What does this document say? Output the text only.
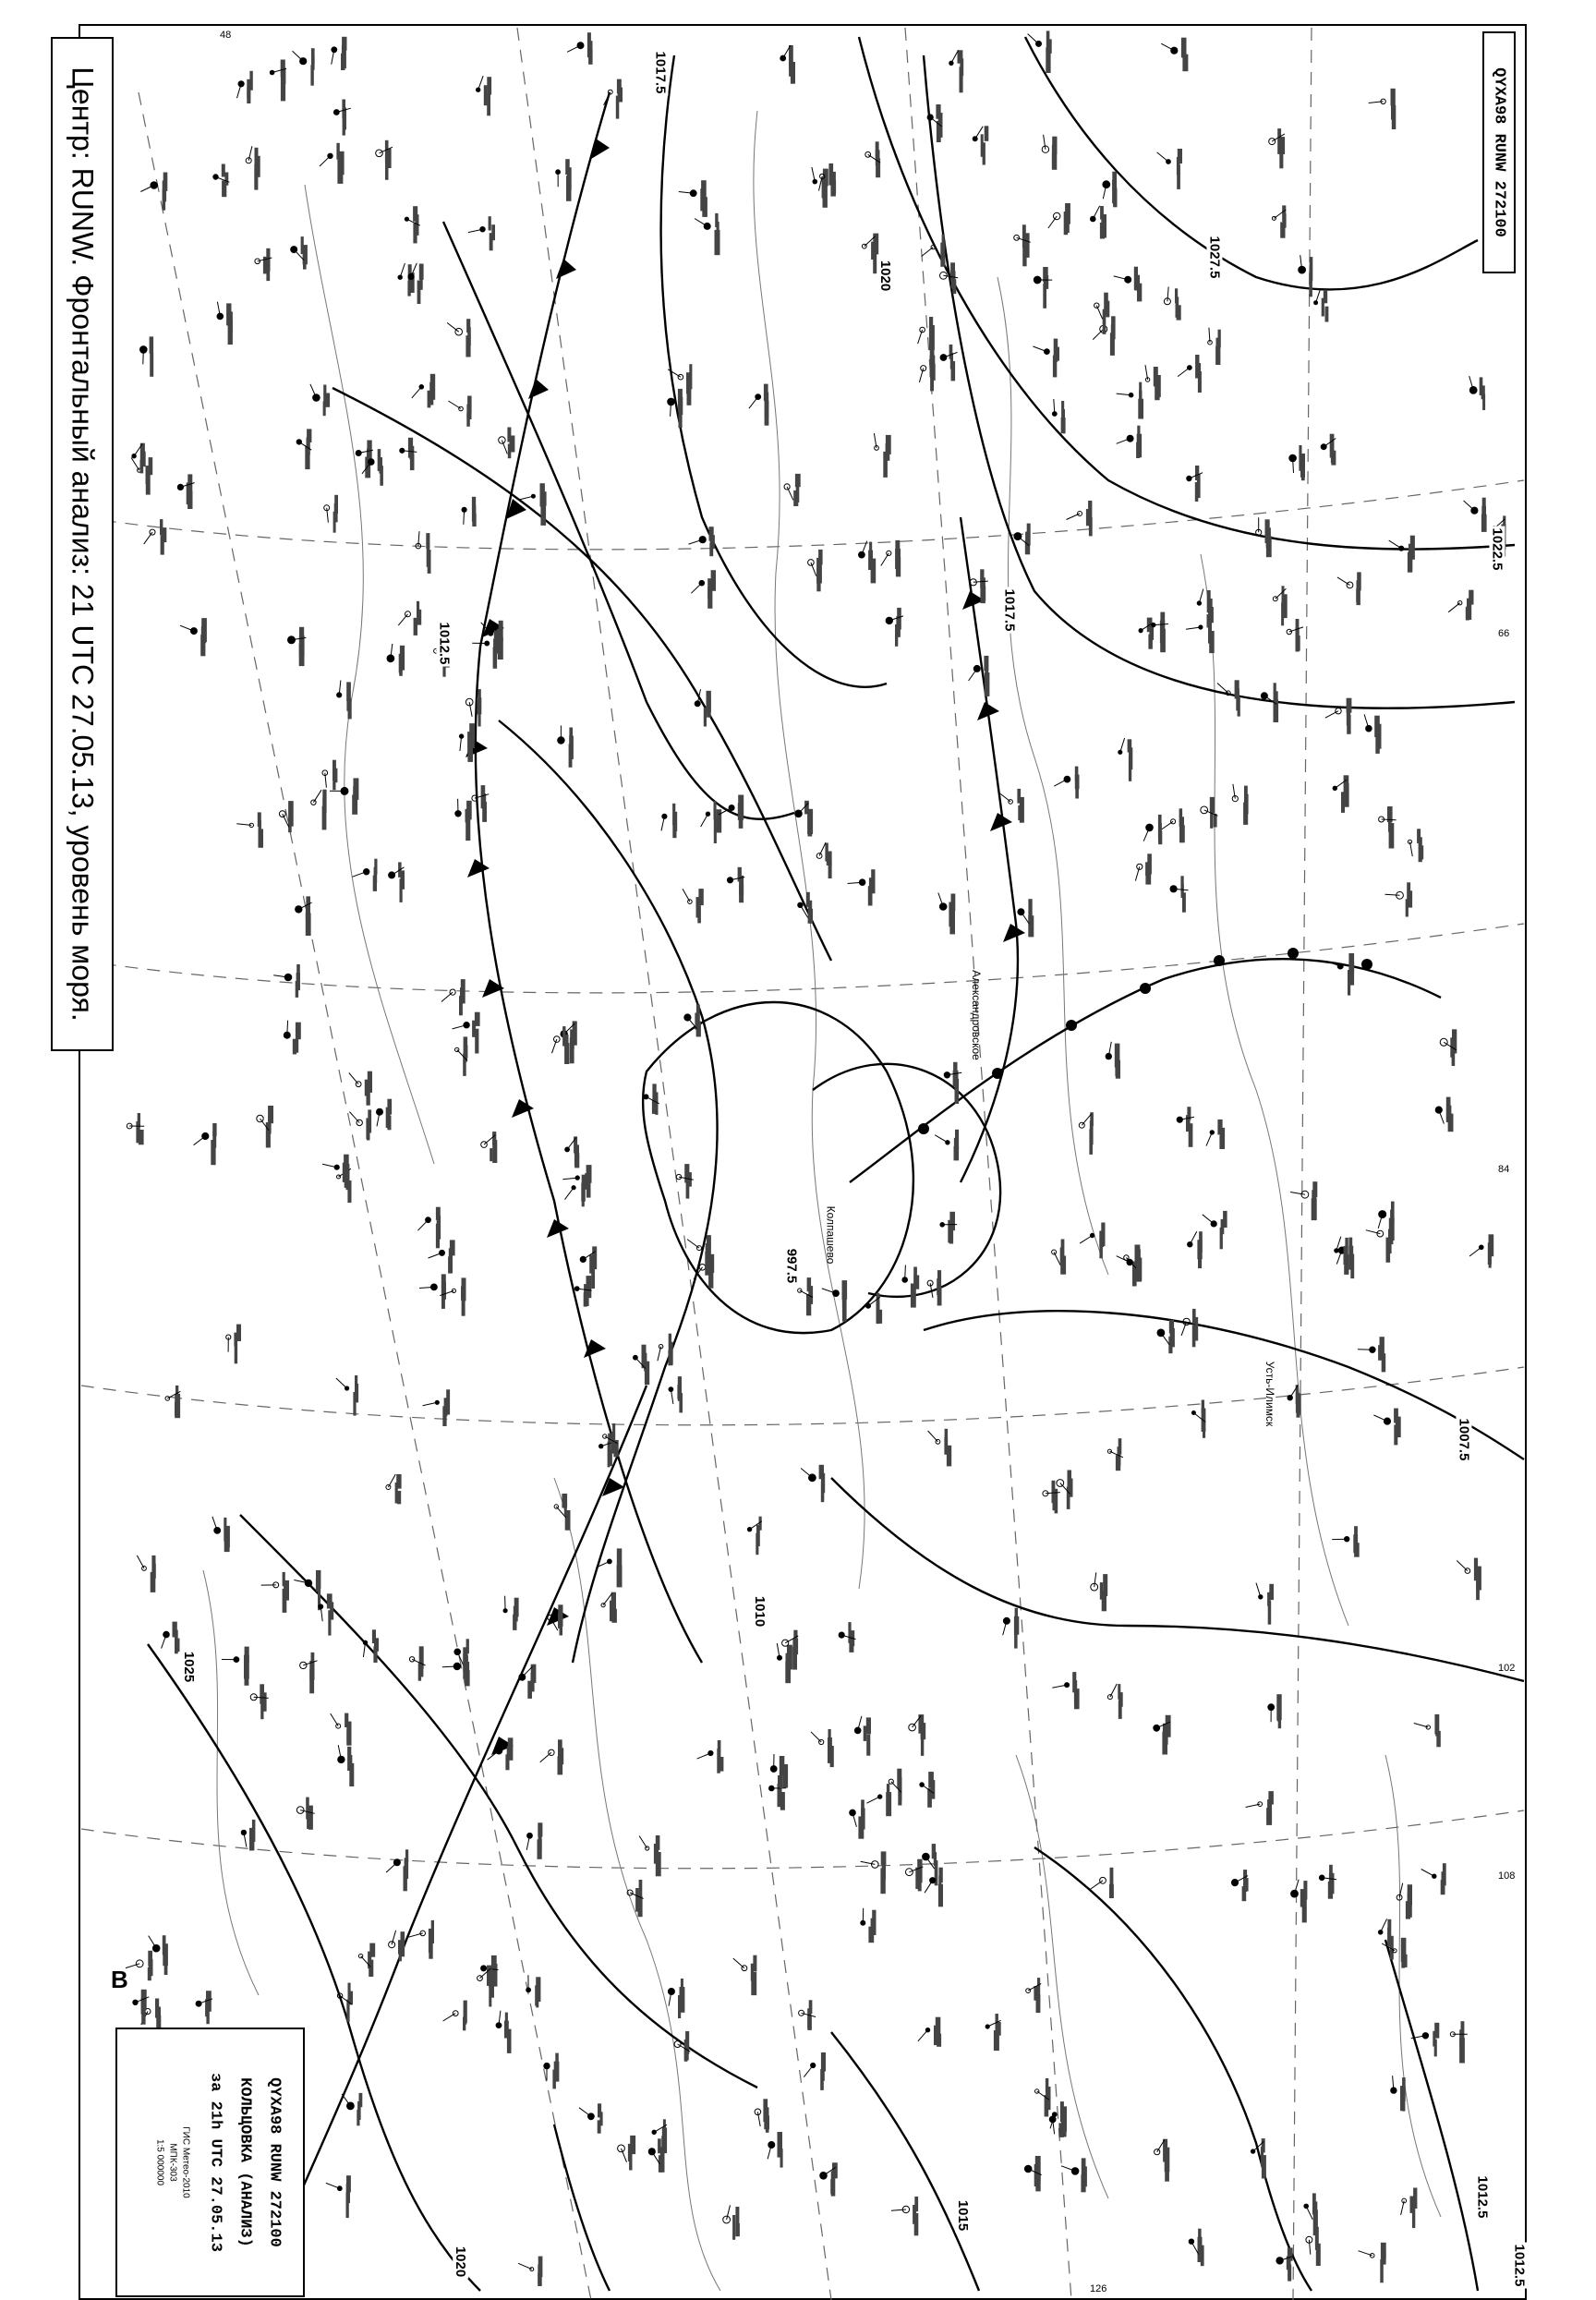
Центр: RUNW. Фронтальный анализ: 21 UTC 27.05.13, уровень моря.	QYXA98 RUNW 272100
QYXA98 RUNW 272100
КОЛЬЦОВКА (АНАЛИЗ)
за 21h UTC 27.05.13
ГИС Метео-2010
МПК-303
1:5 000000
1017.5
1027.5
1020
1022.5
1017.5
1012.5
997.5
1007.5
1010
1025
1012.5
1015
1012.5
1020
В
Александровское
Колпашево
Усть-Илимск
48
66
84
102
108
126
